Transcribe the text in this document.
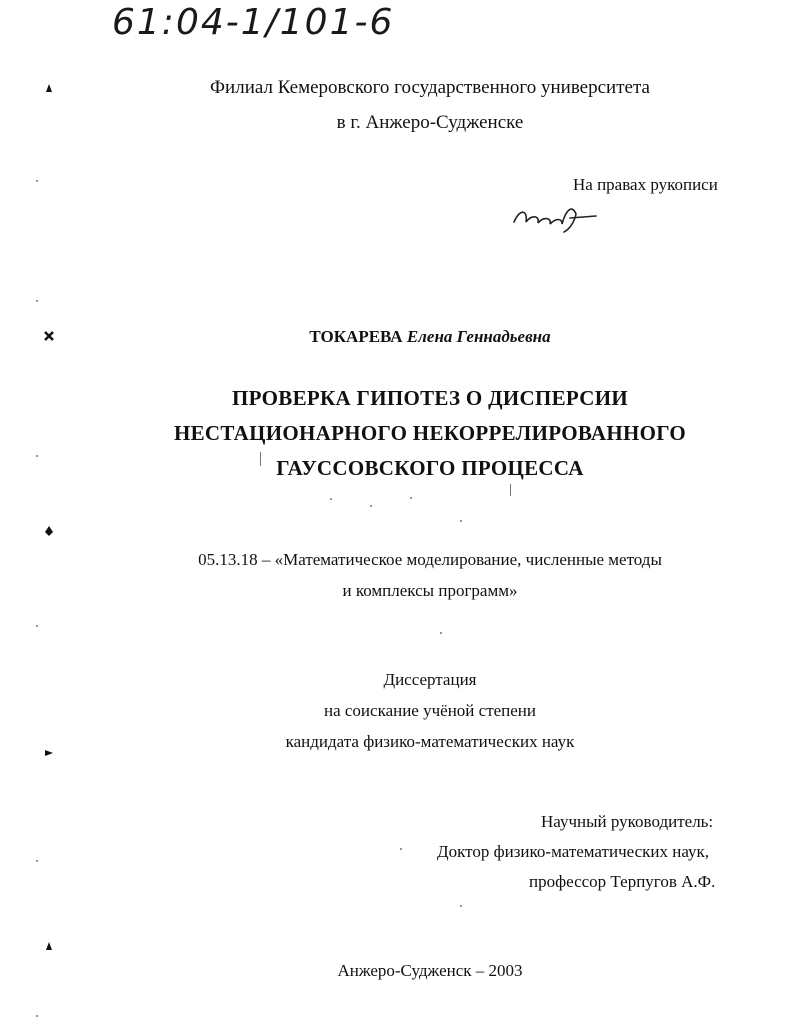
61:04-1/101-6
Филиал Кемеровского государственного университета
в г. Анжеро-Судженске
На правах рукописи
ТОКАРЕВА Елена Геннадьевна
ПРОВЕРКА ГИПОТЕЗ О ДИСПЕРСИИ
НЕСТАЦИОНАРНОГО НЕКОРРЕЛИРОВАННОГО
ГАУССОВСКОГО ПРОЦЕССА
05.13.18 – «Математическое моделирование, численные методы
и комплексы программ»
Диссертация
на соискание учёной степени
кандидата физико-математических наук
Научный руководитель:
Доктор физико-математических наук,
профессор Терпугов А.Ф.
Анжеро-Судженск – 2003
